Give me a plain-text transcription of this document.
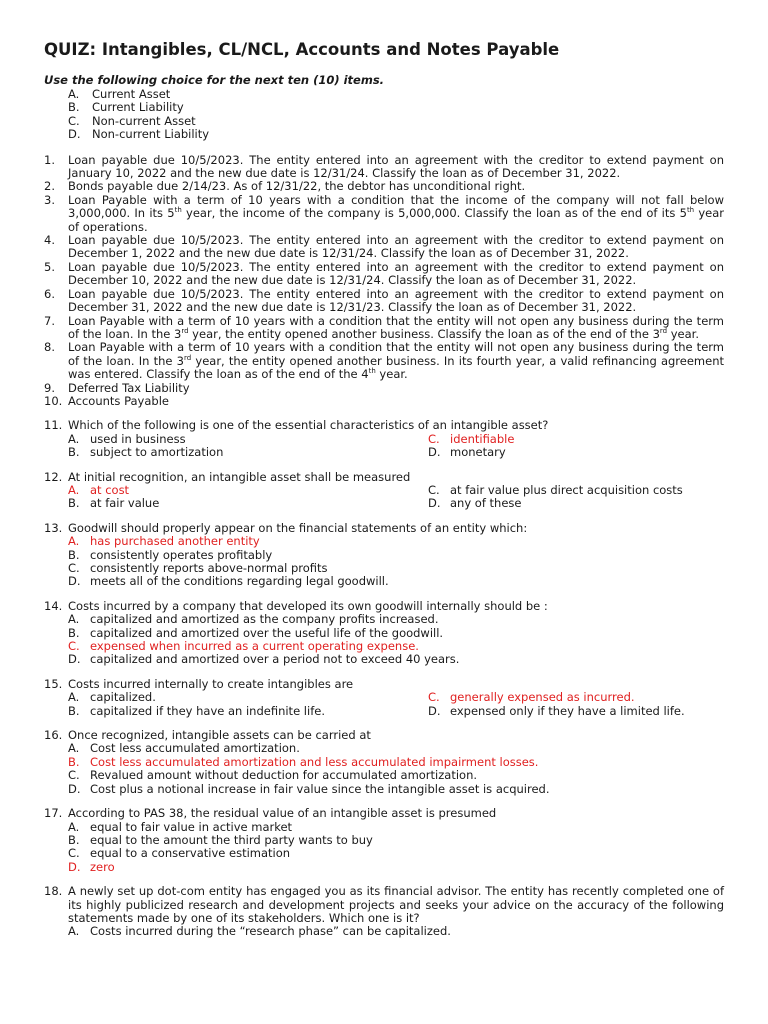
QUIZ: Intangibles, CL/NCL, Accounts and Notes Payable
Use the following choice for the next ten (10) items.
A.	Current Asset
B.	Current Liability
C.	Non-current Asset
D. Non-current Liability
1.	Loan payable due 10/5/2023. The entity entered into an agreement with the creditor to extend payment on January 10, 2022 and the new due date is 12/31/24. Classify the loan as of December 31, 2022.
2.	Bonds payable due 2/14/23. As of 12/31/22, the debtor has unconditional right.
3.	Loan Payable with a term of 10 years with a condition that the income of the company will not fall below 3,000,000. In its 5th year, the income of the company is 5,000,000. Classify the loan as of the end of its 5th year of operations.
4.	Loan payable due 10/5/2023. The entity entered into an agreement with the creditor to extend payment on December 1, 2022 and the new due date is 12/31/24. Classify the loan as of December 31, 2022.
5.	Loan payable due 10/5/2023. The entity entered into an agreement with the creditor to extend payment on December 10, 2022 and the new due date is 12/31/24. Classify the loan as of December 31, 2022.
6.	Loan payable due 10/5/2023. The entity entered into an agreement with the creditor to extend payment on December 31, 2022 and the new due date is 12/31/23. Classify the loan as of December 31, 2022.
7.	Loan Payable with a term of 10 years with a condition that the entity will not open any business during the term of the loan. In the 3rd year, the entity opened another business. Classify the loan as of the end of the 3rd year.
8.	Loan Payable with a term of 10 years with a condition that the entity will not open any business during the term of the loan. In the 3rd year, the entity opened another business. In its fourth year, a valid refinancing agreement was entered. Classify the loan as of the end of the 4th year.
9.	Deferred Tax Liability
10. Accounts Payable
11. Which of the following is one of the essential characteristics of an intangible asset?
A. used in business	C. identifiable
B. subject to amortization	D. monetary
12. At initial recognition, an intangible asset shall be measured
A. at cost	C. at fair value plus direct acquisition costs
B. at fair value	D. any of these
13. Goodwill should properly appear on the financial statements of an entity which:
A. has purchased another entity
B. consistently operates profitably
C. consistently reports above-normal profits
D. meets all of the conditions regarding legal goodwill.
14. Costs incurred by a company that developed its own goodwill internally should be :
A. capitalized and amortized as the company profits increased.
B. capitalized and amortized over the useful life of the goodwill.
C. expensed when incurred as a current operating expense.
D. capitalized and amortized over a period not to exceed 40 years.
15. Costs incurred internally to create intangibles are
A. capitalized.	C. generally expensed as incurred.
B. capitalized if they have an indefinite life.	D. expensed only if they have a limited life.
16. Once recognized, intangible assets can be carried at
A. Cost less accumulated amortization.
B. Cost less accumulated amortization and less accumulated impairment losses.
C. Revalued amount without deduction for accumulated amortization.
D. Cost plus a notional increase in fair value since the intangible asset is acquired.
17. According to PAS 38, the residual value of an intangible asset is presumed
A. equal to fair value in active market
B. equal to the amount the third party wants to buy
C. equal to a conservative estimation
D. zero
18. A newly set up dot-com entity has engaged you as its financial advisor. The entity has recently completed one of its highly publicized research and development projects and seeks your advice on the accuracy of the following statements made by one of its stakeholders. Which one is it?
A. Costs incurred during the “research phase” can be capitalized.
